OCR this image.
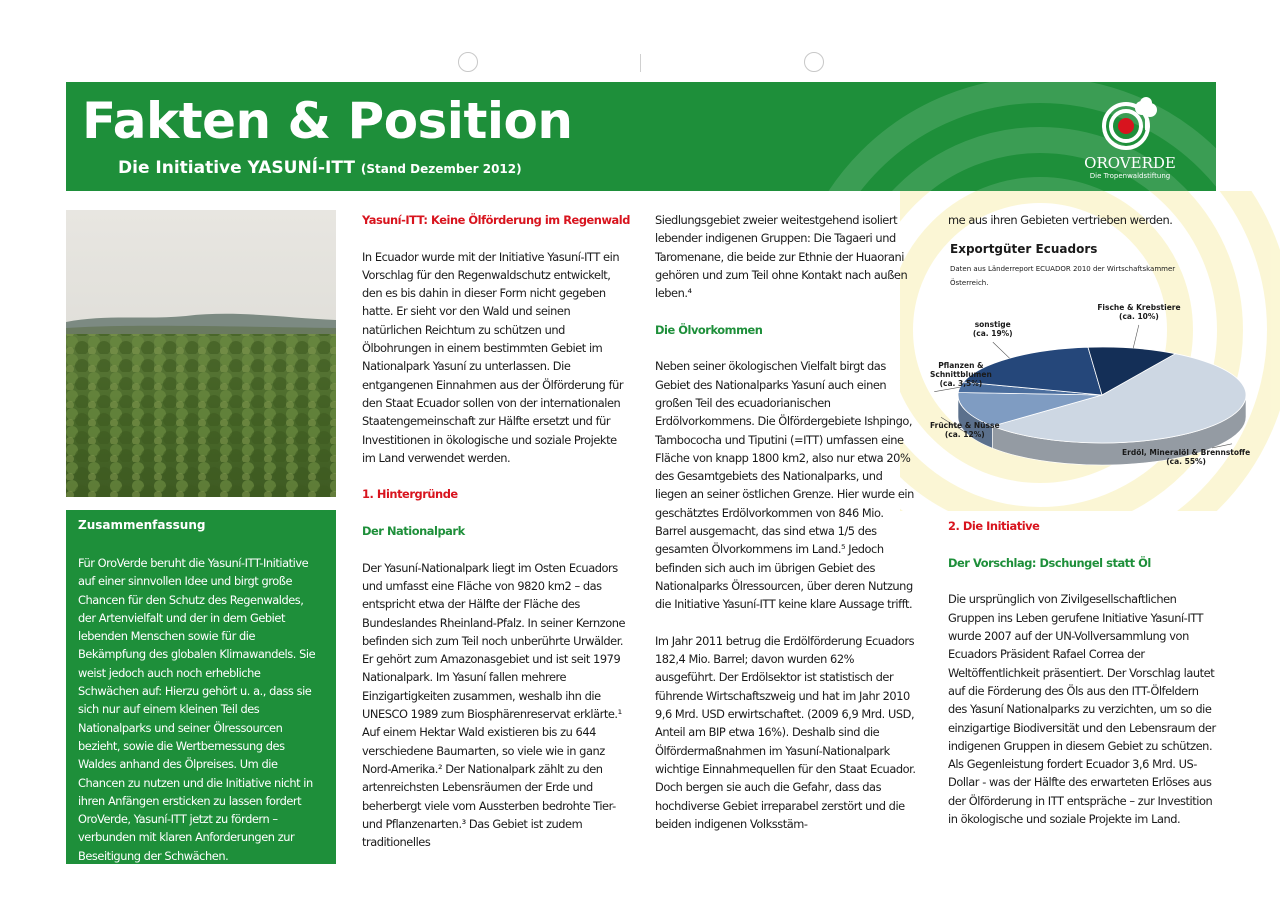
Fakten & Position
Die Initiative YASUNÍ-ITT (Stand Dezember 2012)	OROVERDE
Die Tropenwaldstiftung
Zusammenfassung

Für OroVerde beruht die Yasuní-ITT-Initiative auf einer sinnvollen Idee und birgt große Chancen für den Schutz des Regenwaldes, der Artenvielfalt und der in dem Gebiet lebenden Menschen sowie für die Bekämpfung des globalen Klimawandels. Sie weist jedoch auch noch erhebliche Schwächen auf: Hierzu gehört u. a., dass sie sich nur auf einem kleinen Teil des Nationalparks und seiner Ölressourcen bezieht, sowie die Wertbemessung des Waldes anhand des Ölpreises. Um die Chancen zu nutzen und die Initiative nicht in ihren Anfängen ersticken zu lassen fordert OroVerde, Yasuní-ITT jetzt zu fördern – verbunden mit klaren Anforderungen zur Beseitigung der Schwächen.

Yasuní-ITT: Keine Ölförderung im Regenwald

In Ecuador wurde mit der Initiative Yasuní-ITT ein Vorschlag für den Regenwaldschutz entwickelt, den es bis dahin in dieser Form nicht gegeben hatte. Er sieht vor den Wald und seinen natürlichen Reichtum zu schützen und Ölbohrungen in einem bestimmten Gebiet im Nationalpark Yasuní zu unterlassen. Die entgangenen Einnahmen aus der Ölförderung für den Staat Ecuador sollen von der internationalen Staatengemeinschaft zur Hälfte ersetzt und für Investitionen in ökologische und soziale Projekte im Land verwendet werden.

1. Hintergründe
Der Nationalpark

Der Yasuní-Nationalpark liegt im Osten Ecuadors und umfasst eine Fläche von 9820 km2 – das entspricht etwa der Hälfte der Fläche des Bundeslandes Rheinland-Pfalz. In seiner Kernzone befinden sich zum Teil noch unberührte Urwälder. Er gehört zum Amazonasgebiet und ist seit 1979 Nationalpark. Im Yasuní fallen mehrere Einzigartigkeiten zusammen, weshalb ihn die UNESCO 1989 zum Biosphärenreservat erklärte.¹ Auf einem Hektar Wald existieren bis zu 644 verschiedene Baumarten, so viele wie in ganz Nord-Amerika.² Der Nationalpark zählt zu den artenreichsten Lebensräumen der Erde und beherbergt viele vom Aussterben bedrohte Tier- und Pflanzenarten.³ Das Gebiet ist zudem traditionelles

Siedlungsgebiet zweier weitestgehend isoliert lebender indigenen Gruppen: Die Tagaeri und Taromenane, die beide zur Ethnie der Huaorani gehören und zum Teil ohne Kontakt nach außen leben.⁴

Die Ölvorkommen

Neben seiner ökologischen Vielfalt birgt das Gebiet des Nationalparks Yasuní auch einen großen Teil des ecuadorianischen Erdölvorkommens. Die Ölfördergebiete Ishpingo, Tambococha und Tiputini (=ITT) umfassen eine Fläche von knapp 1800 km2, also nur etwa 20% des Gesamtgebiets des Nationalparks, und liegen an seiner östlichen Grenze. Hier wurde ein geschätztes Erdölvorkommen von 846 Mio. Barrel ausgemacht, das sind etwa 1/5 des gesamten Ölvorkommens im Land.⁵ Jedoch befinden sich auch im übrigen Gebiet des Nationalparks Ölressourcen, über deren Nutzung die Initiative Yasuní-ITT keine klare Aussage trifft.

Im Jahr 2011 betrug die Erdölförderung Ecuadors 182,4 Mio. Barrel; davon wurden 62% ausgeführt. Der Erdölsektor ist statistisch der führende Wirtschaftszweig und hat im Jahr 2010 9,6 Mrd. USD erwirtschaftet. (2009 6,9 Mrd. USD, Anteil am BIP etwa 16%). Deshalb sind die Ölfördermaßnahmen im Yasuní-Nationalpark wichtige Einnahmequellen für den Staat Ecuador. Doch bergen sie auch die Gefahr, dass das hochdiverse Gebiet irreparabel zerstört und die beiden indigenen Volksstäm-

me aus ihren Gebieten vertrieben werden.

2. Die Initiative
Der Vorschlag: Dschungel statt Öl

Die ursprünglich von Zivilgesellschaftlichen Gruppen ins Leben gerufene Initiative Yasuní-ITT wurde 2007 auf der UN-Vollversammlung von Ecuadors Präsident Rafael Correa der Weltöffentlichkeit präsentiert. Der Vorschlag lautet auf die Förderung des Öls aus den ITT-Ölfeldern des Yasuní Nationalparks zu verzichten, um so die einzigartige Biodiversität und den Lebensraum der indigenen Gruppen in diesem Gebiet zu schützen. Als Gegenleistung fordert Ecuador 3,6 Mrd. US-Dollar - was der Hälfte des erwarteten Erlöses aus der Ölförderung in ITT entspräche – zur Investition in ökologische und soziale Projekte im Land.

Exportgüter Ecuadors
Daten aus Länderreport ECUADOR 2010 der Wirtschaftskammer Österreich.
Erdöl, Mineralöl & Brennstoffe
(ca. 55%)
Früchte & Nüsse
(ca. 12%)
Pflanzen &
Schnittblumen
(ca. 3,5%)
sonstige
(ca. 19%)
Fische & Krebstiere
(ca. 10%)
